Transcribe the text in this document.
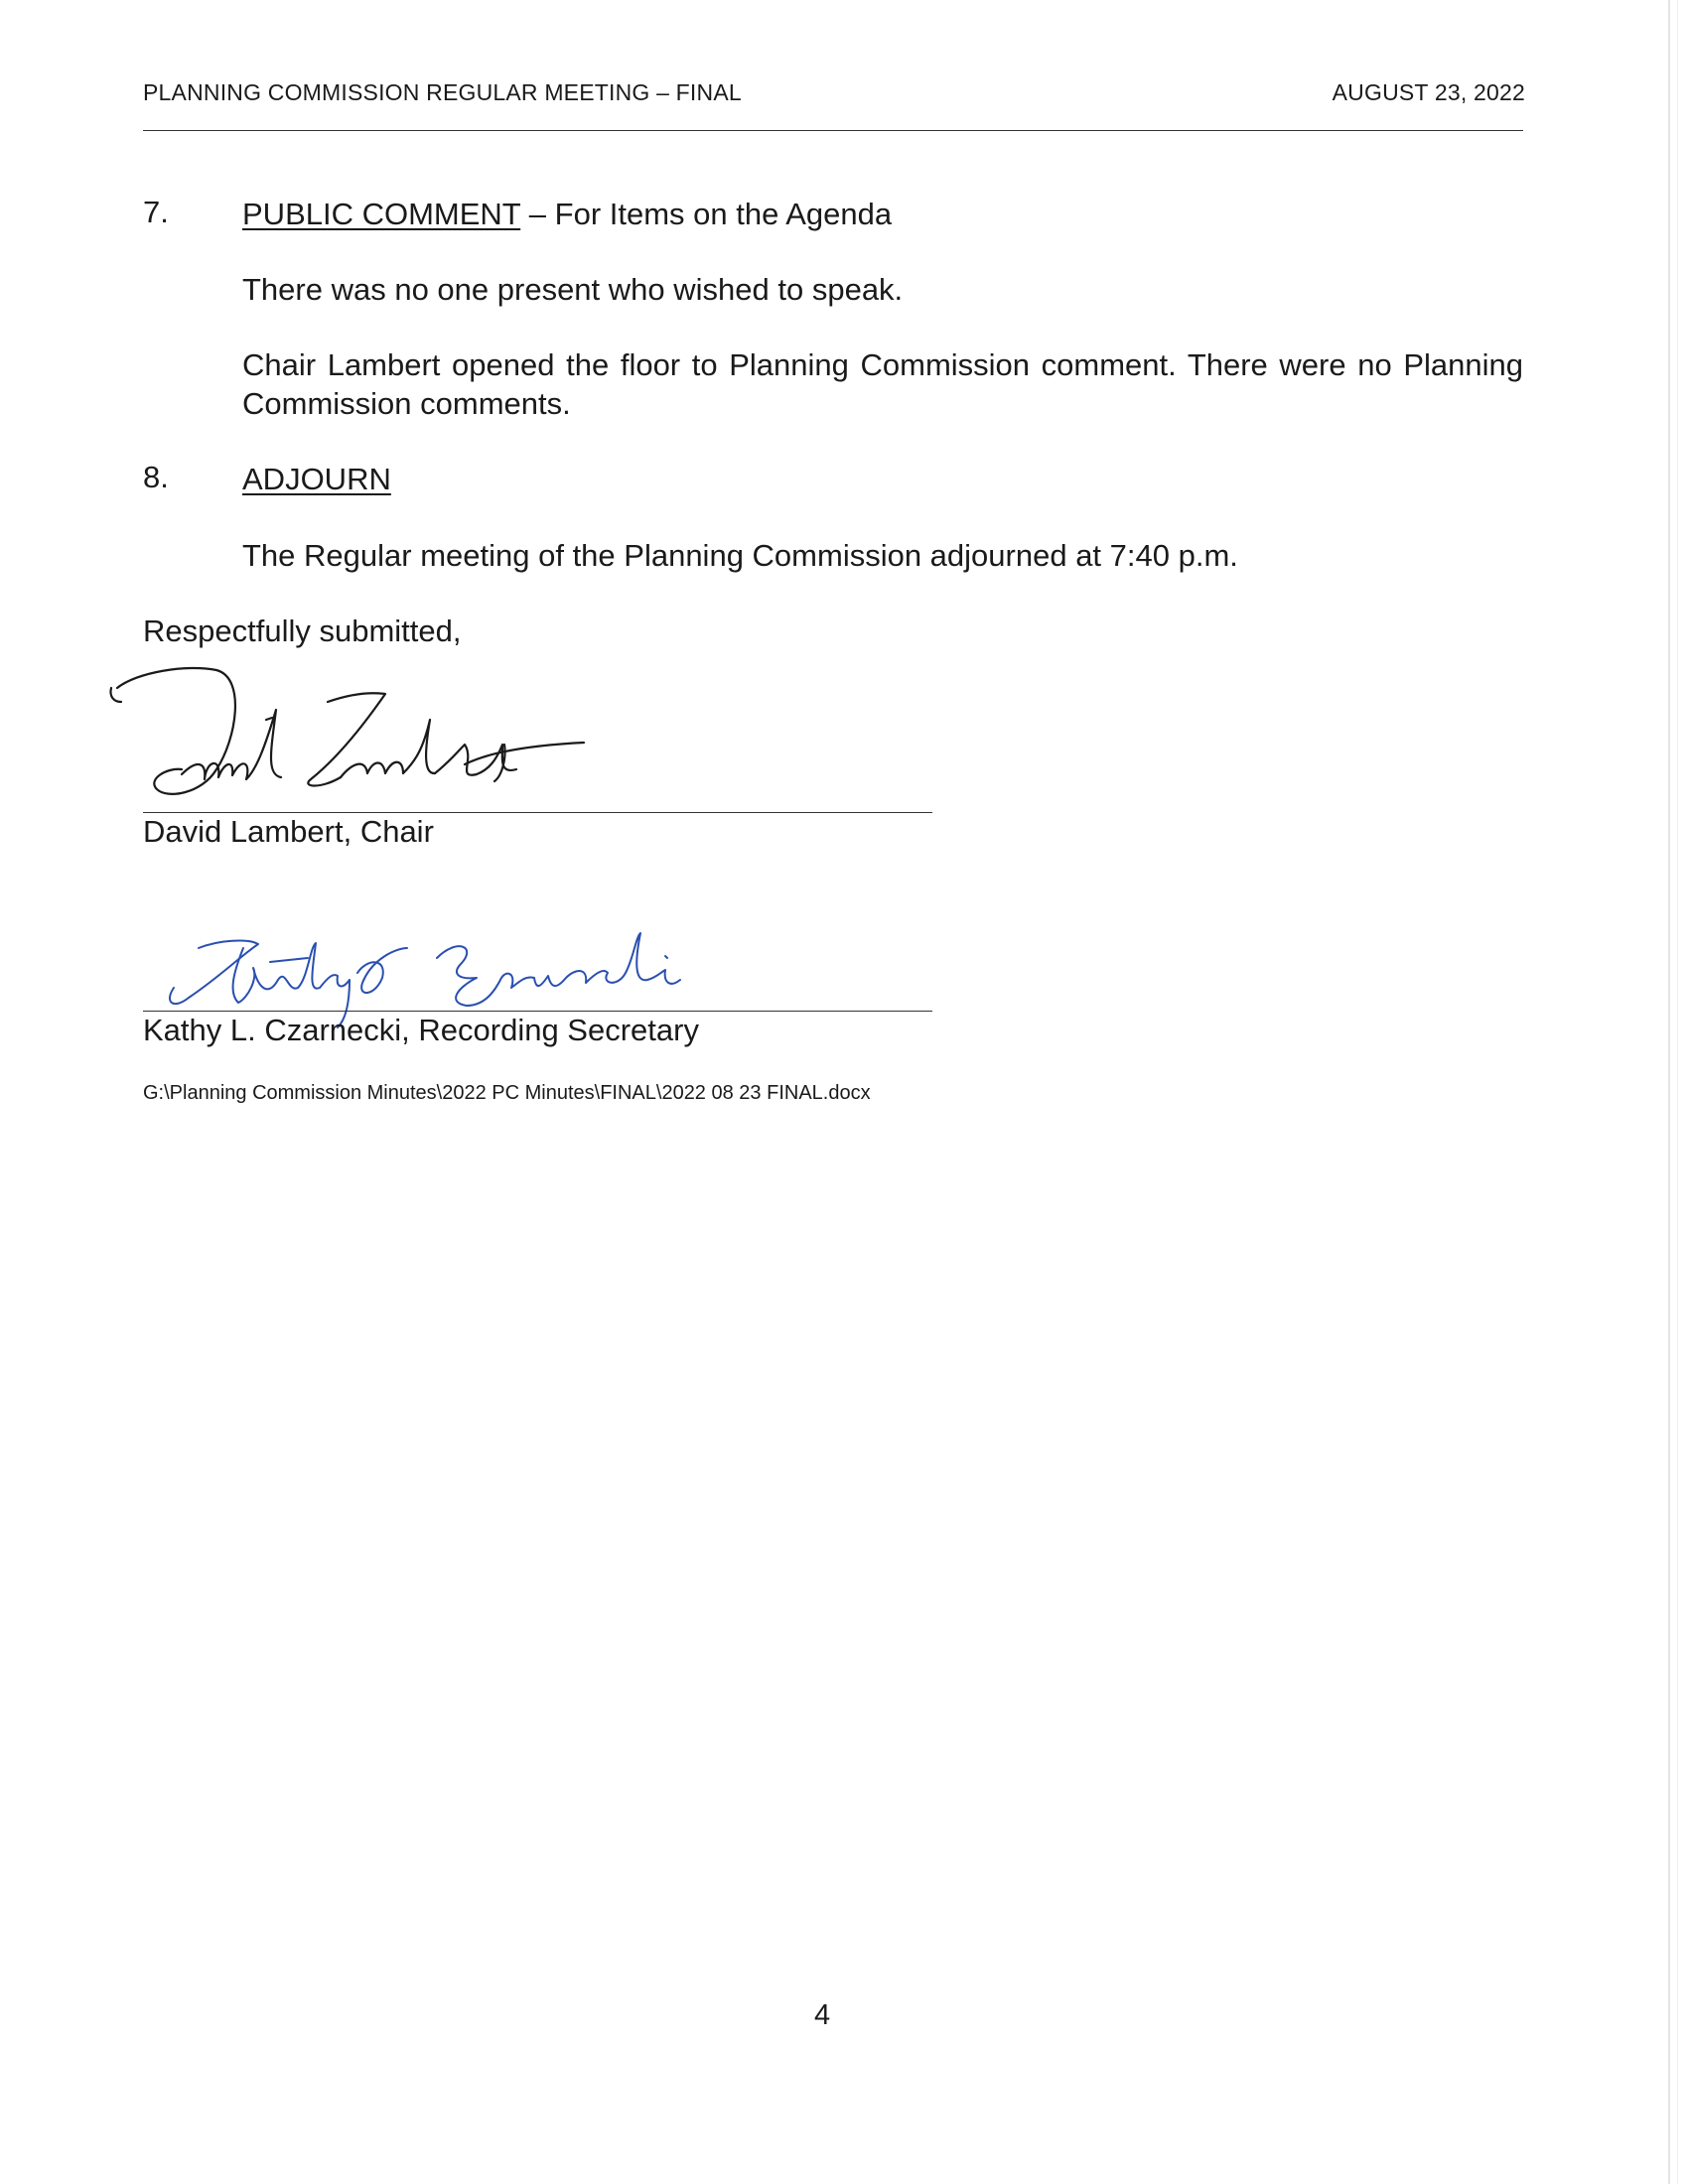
PLANNING COMMISSION REGULAR MEETING – FINAL	AUGUST 23, 2022
7. PUBLIC COMMENT – For Items on the Agenda
There was no one present who wished to speak.
Chair Lambert opened the floor to Planning Commission comment. There were no Planning Commission comments.
8. ADJOURN
The Regular meeting of the Planning Commission adjourned at 7:40 p.m.
Respectfully submitted,
David Lambert, Chair
Kathy L. Czarnecki, Recording Secretary
G:\Planning Commission Minutes\2022 PC Minutes\FINAL\2022 08 23 FINAL.docx
4
